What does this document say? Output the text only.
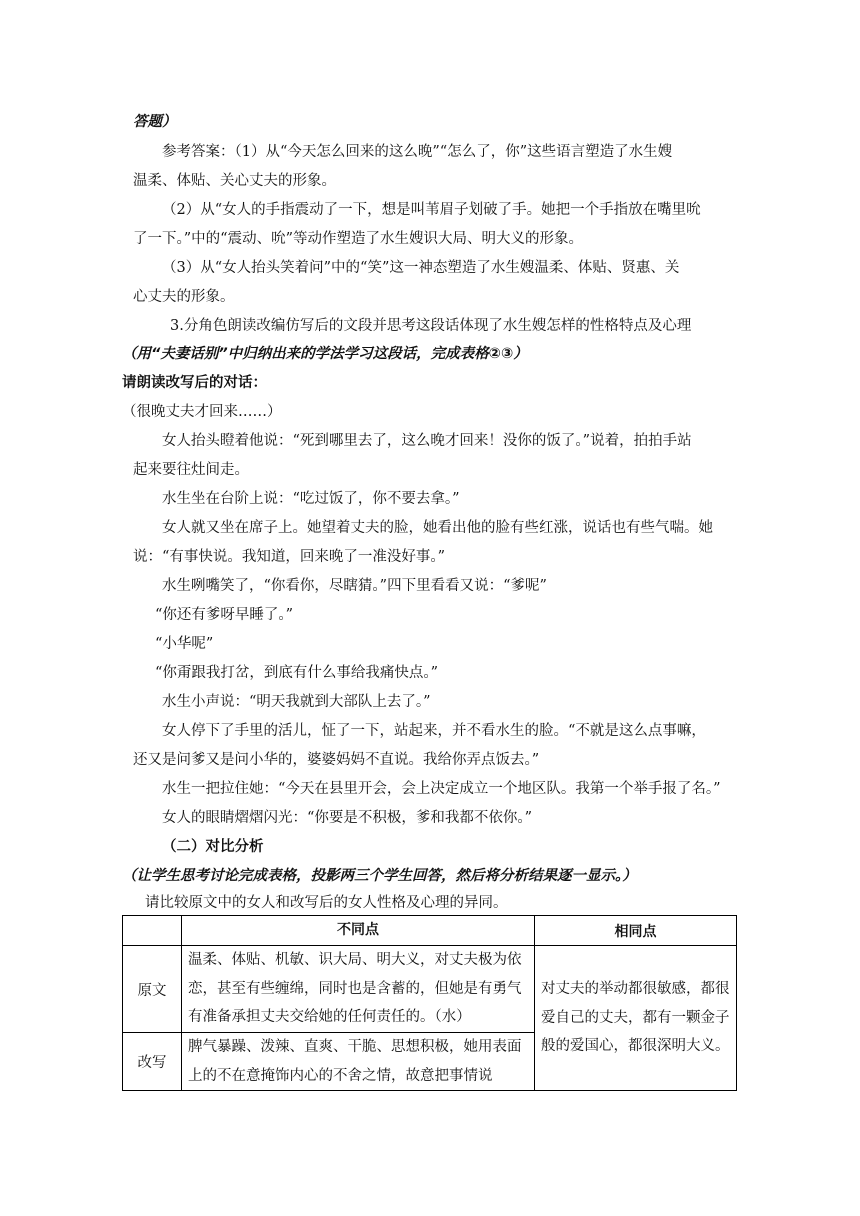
答题）
参考答案：（1）从“今天怎么回来的这么晚”“怎么了，你”这些语言塑造了水生嫂
温柔、体贴、关心丈夫的形象。
（2）从“女人的手指震动了一下，想是叫苇眉子划破了手。她把一个手指放在嘴里吮
了一下。”中的“震动、吮”等动作塑造了水生嫂识大局、明大义的形象。
（3）从“女人抬头笑着问”中的“笑”这一神态塑造了水生嫂温柔、体贴、贤惠、关
心丈夫的形象。
3.分角色朗读改编仿写后的文段并思考这段话体现了水生嫂怎样的性格特点及心理
（用“夫妻话别”中归纳出来的学法学习这段话，完成表格②③）
请朗读改写后的对话：
（很晚丈夫才回来……）
女人抬头瞪着他说：“死到哪里去了，这么晚才回来！没你的饭了。”说着，拍拍手站
起来要往灶间走。
水生坐在台阶上说：“吃过饭了，你不要去拿。”
女人就又坐在席子上。她望着丈夫的脸，她看出他的脸有些红涨，说话也有些气喘。她
说：“有事快说。我知道，回来晚了一准没好事。”
水生咧嘴笑了，“你看你，尽瞎猜。”四下里看看又说：“爹呢”
“你还有爹呀早睡了。”
“小华呢”
“你甭跟我打岔，到底有什么事给我痛快点。”
水生小声说：“明天我就到大部队上去了。”
女人停下了手里的活儿，怔了一下，站起来，并不看水生的脸。“不就是这么点事嘛，
还又是问爹又是问小华的，婆婆妈妈不直说。我给你弄点饭去。”
水生一把拉住她：“今天在县里开会，会上决定成立一个地区队。我第一个举手报了名。”
女人的眼睛熠熠闪光：“你要是不积极，爹和我都不依你。”
（二）对比分析
（让学生思考讨论完成表格，投影两三个学生回答，然后将分析结果逐一显示。）
请比较原文中的女人和改写后的女人性格及心理的异同。
	不同点	相同点
原文	温柔、体贴、机敏、识大局、明大义，对丈夫极为依恋，甚至有些缠绵，同时也是含蓄的，但她是有勇气有准备承担丈夫交给她的任何责任的。（水）	对丈夫的举动都很敏感，都很爱自己的丈夫，都有一颗金子般的爱国心，都很深明大义。
改写	脾气暴躁、泼辣、直爽、干脆、思想积极，她用表面上的不在意掩饰内心的不舍之情，故意把事情说	
